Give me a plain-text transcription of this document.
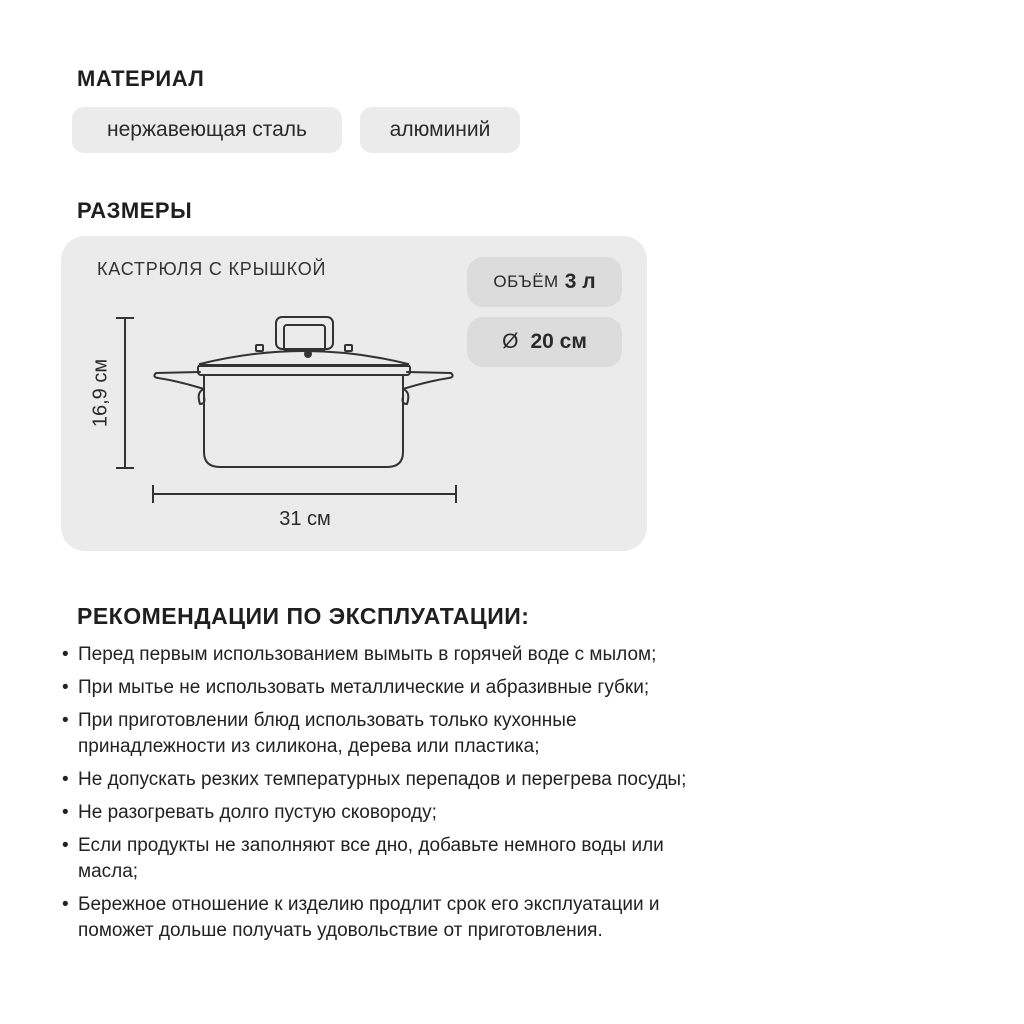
МАТЕРИАЛ
нержавеющая сталь	алюминий
РАЗМЕРЫ
КАСТРЮЛЯ С КРЫШКОЙ
ОБЪЁМ 3 л
Ø 20 см
16,9 см
31 см
РЕКОМЕНДАЦИИ ПО ЭКСПЛУАТАЦИИ:
• Перед первым использованием вымыть в горячей воде с мылом;
• При мытье не использовать металлические и абразивные губки;
• При приготовлении блюд использовать только кухонные принадлежности из силикона, дерева или пластика;
• Не допускать резких температурных перепадов и перегрева посуды;
• Не разогревать долго пустую сковороду;
• Если продукты не заполняют все дно, добавьте немного воды или масла;
• Бережное отношение к изделию продлит срок его эксплуатации и поможет дольше получать удовольствие от приготовления.
